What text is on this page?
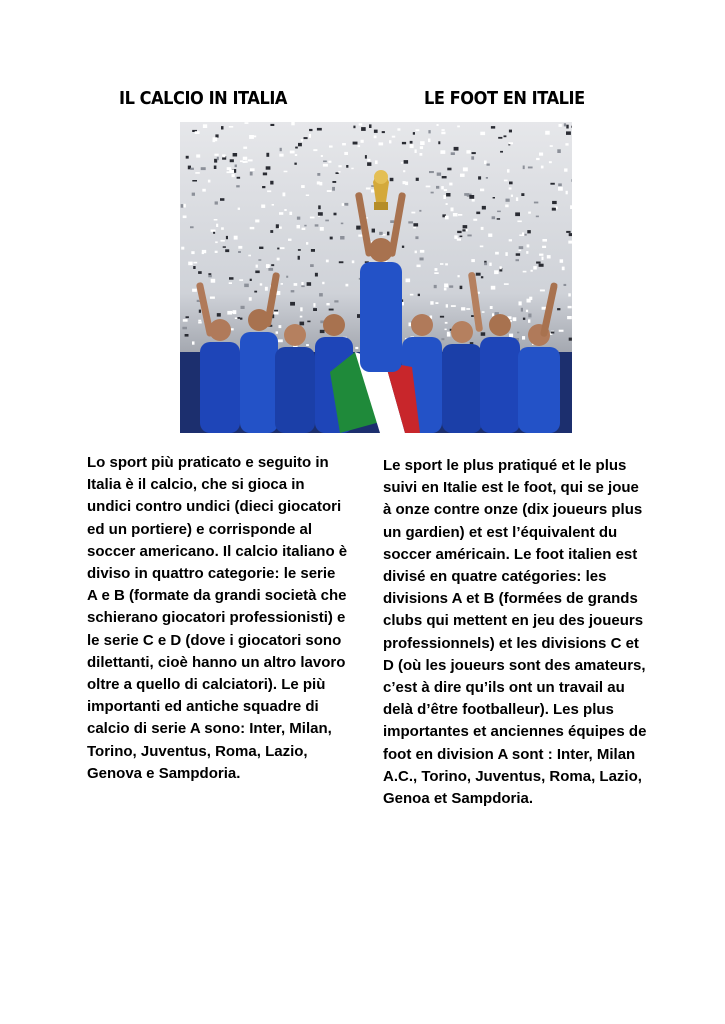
IL CALCIO IN ITALIA	LE FOOT EN ITALIE

Lo sport più praticato e seguito in Italia è il calcio, che si gioca in undici contro undici (dieci giocatori ed un portiere) e corrisponde al soccer americano. Il calcio italiano è diviso in quattro categorie: le serie A e B (formate da grandi società che schierano giocatori professionisti) e le serie C e D (dove i giocatori sono dilettanti, cioè hanno un altro lavoro oltre a quello di calciatori). Le più importanti ed antiche squadre di calcio di serie A sono: Inter, Milan, Torino, Juventus, Roma, Lazio, Genova e Sampdoria.

Le sport le plus pratiqué et le plus suivi en Italie est le foot, qui se joue à onze contre onze (dix joueurs plus un gardien) et est l’équivalent du soccer américain. Le foot italien est divisé en quatre catégories: les divisions A et B (formées de grands clubs qui mettent en jeu des joueurs professionnels) et les divisions C et D (où les joueurs sont des amateurs, c’est à dire qu’ils ont un travail au delà d’être footballeur). Les plus importantes et anciennes équipes de foot en division A sont : Inter, Milan A.C., Torino, Juventus, Roma, Lazio, Genoa et Sampdoria.
